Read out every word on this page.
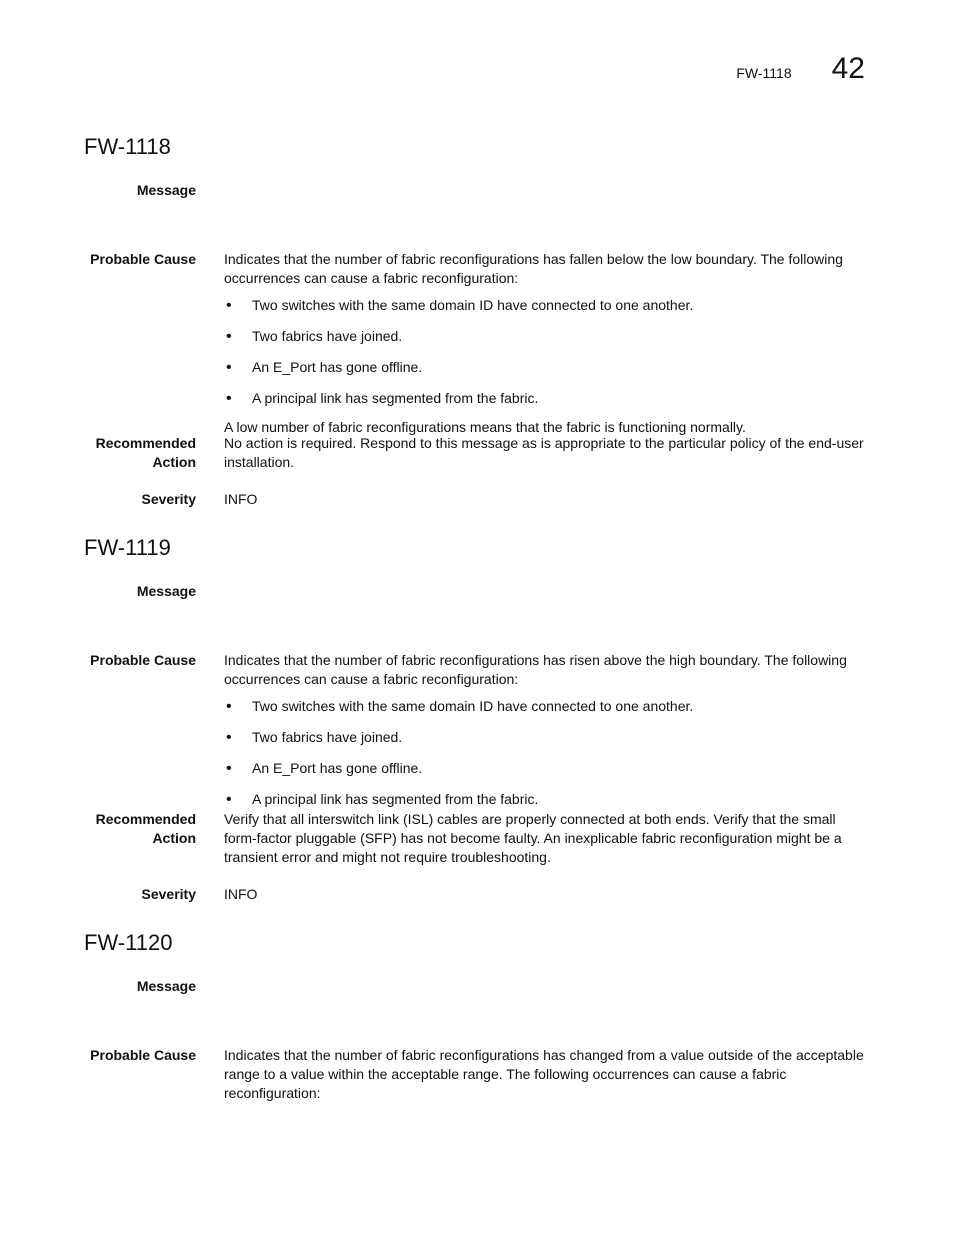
FW-1118 42
FW-1118
Message
Probable Cause Indicates that the number of fabric reconfigurations has fallen below the low boundary. The following occurrences can cause a fabric reconfiguration:

• Two switches with the same domain ID have connected to one another.
• Two fabrics have joined.
• An E_Port has gone offline.
• A principal link has segmented from the fabric.

A low number of fabric reconfigurations means that the fabric is functioning normally.

Recommended
Action
No action is required. Respond to this message as is appropriate to the particular policy of the end-user installation.
Severity INFO
FW-1119
Message
Probable Cause Indicates that the number of fabric reconfigurations has risen above the high boundary. The following occurrences can cause a fabric reconfiguration:

• Two switches with the same domain ID have connected to one another.
• Two fabrics have joined.
• An E_Port has gone offline.
• A principal link has segmented from the fabric.
Recommended
Action
Verify that all interswitch link (ISL) cables are properly connected at both ends. Verify that the small form-factor pluggable (SFP) has not become faulty. An inexplicable fabric reconfiguration might be a transient error and might not require troubleshooting.
Severity INFO
FW-1120
Message
Probable Cause Indicates that the number of fabric reconfigurations has changed from a value outside of the acceptable range to a value within the acceptable range. The following occurrences can cause a fabric reconfiguration:
